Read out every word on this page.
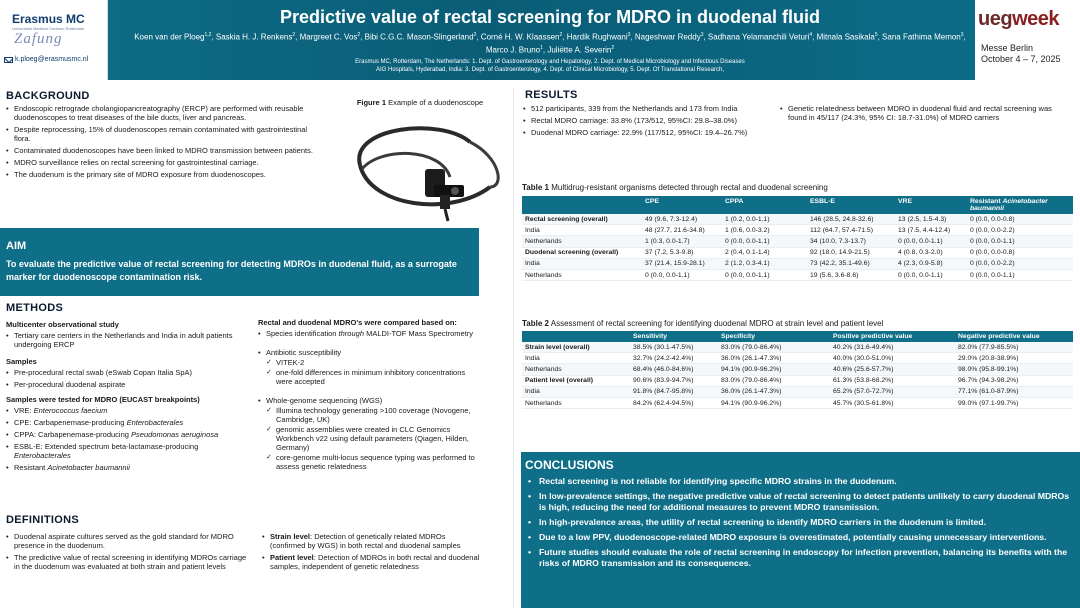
Erasmus MC
Universitair Medisch Centrum Rotterdam
Zafung
k.ploeg@erasmusmc.nl
Predictive value of rectal screening for MDRO in duodenal fluid
Koen van der Ploeg$^{1,2}$, Saskia H. J. Renkens$^2$, Margreet C. Vos$^2$, Bibi C.G.C. Mason-Slingerland$^2$, Corné H. W. Klaassen$^2$, Hardik Rughwani$^3$, Nageshwar Reddy$^3$, Sadhana Yelamanchili Veturi$^4$, Mitnala Sasikala$^5$, Sana Fathima Memon$^3$, Marco J. Bruno$^1$, Juliëtte A. Severin$^2$
Erasmus MC, Rotterdam, The Netherlands: 1. Dept. of Gastroenterology and Hepatology, 2. Dept. of Medical Microbiology and Infectious Diseases
AIG Hospitals, Hyderabad, India: 3. Dept. of Gastroenterology, 4. Dept. of Clinical Microbiology, 5. Dept. Of Translational Research,
uegweek
Messe Berlin
October 4 – 7, 2025
BACKGROUND
• Endoscopic retrograde cholangiopancreatography (ERCP) are performed with reusable duodenoscopes to treat diseases of the bile ducts, liver and pancreas.
• Despite reprocessing, 15% of duodenoscopes remain contaminated with gastrointestinal flora.
• Contaminated duodenoscopes have been linked to MDRO transmission between patients.
• MDRO surveillance relies on rectal screening for gastrointestinal carriage.
• The duodenum is the primary site of MDRO exposure from duodenoscopes.
Figure 1 Example of a duodenoscope
AIM
To evaluate the predictive value of rectal screening for detecting MDROs in duodenal fluid, as a surrogate marker for duodenoscope contamination risk.
METHODS
Multicenter observational study
• Tertiary care centers in the Netherlands and India in adult patients undergoing ERCP
Samples
• Pre-procedural rectal swab (eSwab Copan Italia SpA)
• Per-procedural duodenal aspirate
Samples were tested for MDRO (EUCAST breakpoints)
• VRE: Enterococcus faecium
• CPE: Carbapenemase-producing Enterobacterales
• CPPA: Carbapenemase-producing Pseudomonas aeruginosa
• ESBL-E: Extended spectrum beta-lactamase-producing Enterobacterales
• Resistant Acinetobacter baumannii
Rectal and duodenal MDRO's were compared based on:
• Species identification through MALDI-TOF Mass Spectrometry
• Antibiotic susceptibility
✓ VITEK-2
✓ one-fold differences in minimum inhibitory concentrations were accepted
• Whole-genome sequencing (WGS)
✓ Illumina technology generating >100 coverage (Novogene, Cambridge, UK)
✓ genomic assemblies were created in CLC Genomics Workbench v22 using default parameters (Qiagen, Hilden, Germany)
✓ core-genome multi-locus sequence typing was performed to assess genetic relatedness
DEFINITIONS
• Duodenal aspirate cultures served as the gold standard for MDRO presence in the duodenum.
• The predictive value of rectal screening in identifying MDROs carriage in the duodenum was evaluated at both strain and patient levels
• Strain level: Detection of genetically related MDROs (confirmed by WGS) in both rectal and duodenal samples
• Patient level: Detection of MDROs in both rectal and duodenal samples, independent of genetic relatedness
RESULTS
• 512 participants, 339 from the Netherlands and 173 from India
• Rectal MDRO carriage: 33.8% (173/512, 95%CI: 29.8–38.0%)
• Duodenal MDRO carriage: 22.9% (117/512, 95%CI: 19.4–26.7%)
• Genetic relatedness between MDRO in duodenal fluid and rectal screening was found in 45/117 (24.3%, 95% CI: 18.7-31.0%) of MDRO carriers
Table 1 Multidrug-resistant organisms detected through rectal and duodenal screening
	CPE	CPPA	ESBL-E	VRE	Resistant Acinetobacter baumannii
Rectal screening (overall)	49 (9.6, 7.3-12.4)	1 (0.2, 0.0-1.1)	146 (28.5, 24.8-32.6)	13 (2.5, 1.5-4.3)	0 (0.0, 0.0-0.8)
India	48 (27.7, 21.6-34.8)	1 (0.6, 0.0-3.2)	112 (64.7, 57.4-71.5)	13 (7.5, 4.4-12.4)	0 (0.0, 0.0-2.2)
Netherlands	1 (0.3, 0.0-1.7)	0 (0.0, 0.0-1.1)	34 (10.0, 7.3-13.7)	0 (0.0, 0.0-1.1)	0 (0.0, 0.0-1.1)
Duodenal screening (overall)	37 (7.2, 5.3-9.8)	2 (0.4, 0.1-1.4)	92 (18.0, 14.9-21.5)	4 (0.8, 0.3-2.0)	0 (0.0, 0.0-0.8)
India	37 (21.4, 15.9-28.1)	2 (1.2, 0.3-4.1)	73 (42.2, 35.1-49.6)	4 (2.3, 0.9-5.8)	0 (0.0, 0.0-2.2)
Netherlands	0 (0.0, 0.0-1.1)	0 (0.0, 0.0-1.1)	19 (5.6, 3.6-8.6)	0 (0.0, 0.0-1.1)	0 (0.0, 0.0-1.1)
Table 2 Assessment of rectal screening for identifying duodenal MDRO at strain level and patient level
	Sensitivity	Specificity	Positive predictive value	Negative predictive value
Strain level (overall)	38.5% (30.1-47.5%)	83.0% (79.0-86.4%)	40.2% (31.6-49.4%)	82.0% (77.9-85.5%)
India	32.7% (24.2-42.4%)	36.0% (26.1-47.3%)	40.0% (30.0-51.0%)	29.0% (20.8-38.9%)
Netherlands	68.4% (46.0-84.6%)	94.1% (90.9-96.2%)	40.6% (25.6-57.7%)	98.0% (95.8-99.1%)
Patient level (overall)	90.6% (83.9-94.7%)	83.0% (79.0-86.4%)	61.3% (53.8-68.2%)	96.7% (94.3-98.2%)
India	91.8% (84.7-95.8%)	36.0% (26.1-47.3%)	65.2% (57.0-72.7%)	77.1% (61.0-87.9%)
Netherlands	84.2% (62.4-94.5%)	94.1% (90.9-96.2%)	45.7% (30.5-61.8%)	99.0% (97.1-99.7%)
CONCLUSIONS
• Rectal screening is not reliable for identifying specific MDRO strains in the duodenum.
• In low-prevalence settings, the negative predictive value of rectal screening to detect patients unlikely to carry duodenal MDROs is high, reducing the need for additional measures to prevent MDRO transmission.
• In high-prevalence areas, the utility of rectal screening to identify MDRO carriers in the duodenum is limited.
• Due to a low PPV, duodenoscope-related MDRO exposure is overestimated, potentially causing unnecessary interventions.
• Future studies should evaluate the role of rectal screening in endoscopy for infection prevention, balancing its benefits with the risks of MDRO transmission and its consequences.
